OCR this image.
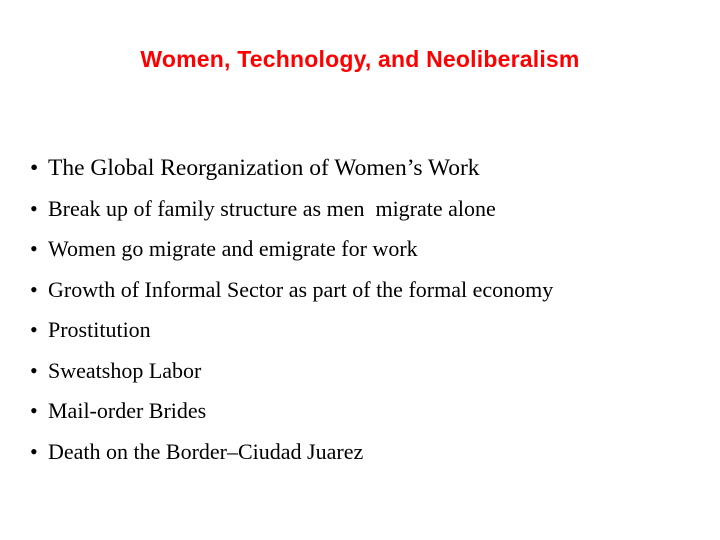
Women, Technology, and Neoliberalism
• The Global Reorganization of Women’s Work
• Break up of family structure as men  migrate alone
• Women go migrate and emigrate for work
• Growth of Informal Sector as part of the formal economy
• Prostitution
• Sweatshop Labor
• Mail-order Brides
• Death on the Border–Ciudad Juarez
